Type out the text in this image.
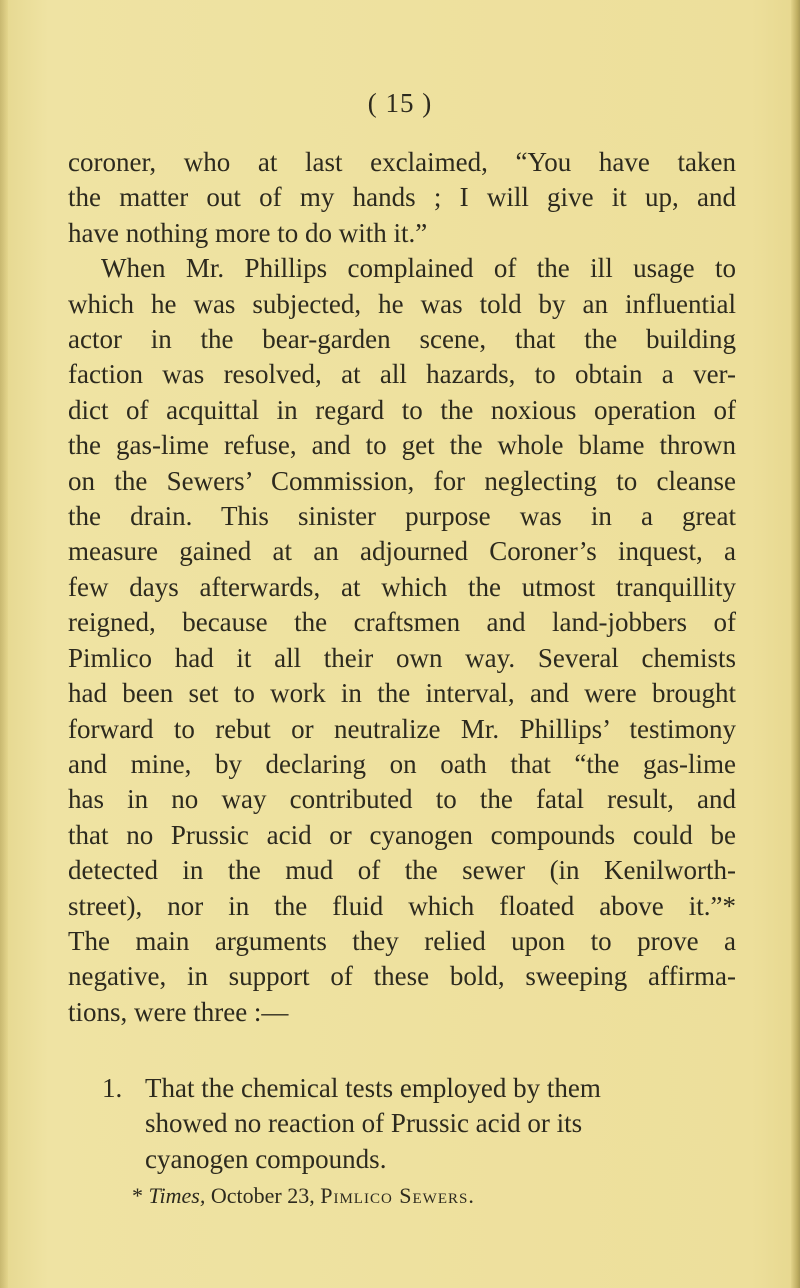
( 15 )
coroner, who at last exclaimed, “You have taken
the matter out of my hands ; I will give it up, and
have nothing more to do with it.”
When Mr. Phillips complained of the ill usage to
which he was subjected, he was told by an influential
actor in the bear-garden scene, that the building
faction was resolved, at all hazards, to obtain a ver-
dict of acquittal in regard to the noxious operation of
the gas-lime refuse, and to get the whole blame thrown
on the Sewers’ Commission, for neglecting to cleanse
the drain. This sinister purpose was in a great
measure gained at an adjourned Coroner’s inquest, a
few days afterwards, at which the utmost tranquillity
reigned, because the craftsmen and land-jobbers of
Pimlico had it all their own way. Several chemists
had been set to work in the interval, and were brought
forward to rebut or neutralize Mr. Phillips’ testimony
and mine, by declaring on oath that “the gas-lime
has in no way contributed to the fatal result, and
that no Prussic acid or cyanogen compounds could be
detected in the mud of the sewer (in Kenilworth-
street), nor in the fluid which floated above it.”*
The main arguments they relied upon to prove a
negative, in support of these bold, sweeping affirma-
tions, were three :—
1. That the chemical tests employed by them
showed no reaction of Prussic acid or its
cyanogen compounds.
* Times, October 23, Pimlico Sewers.
